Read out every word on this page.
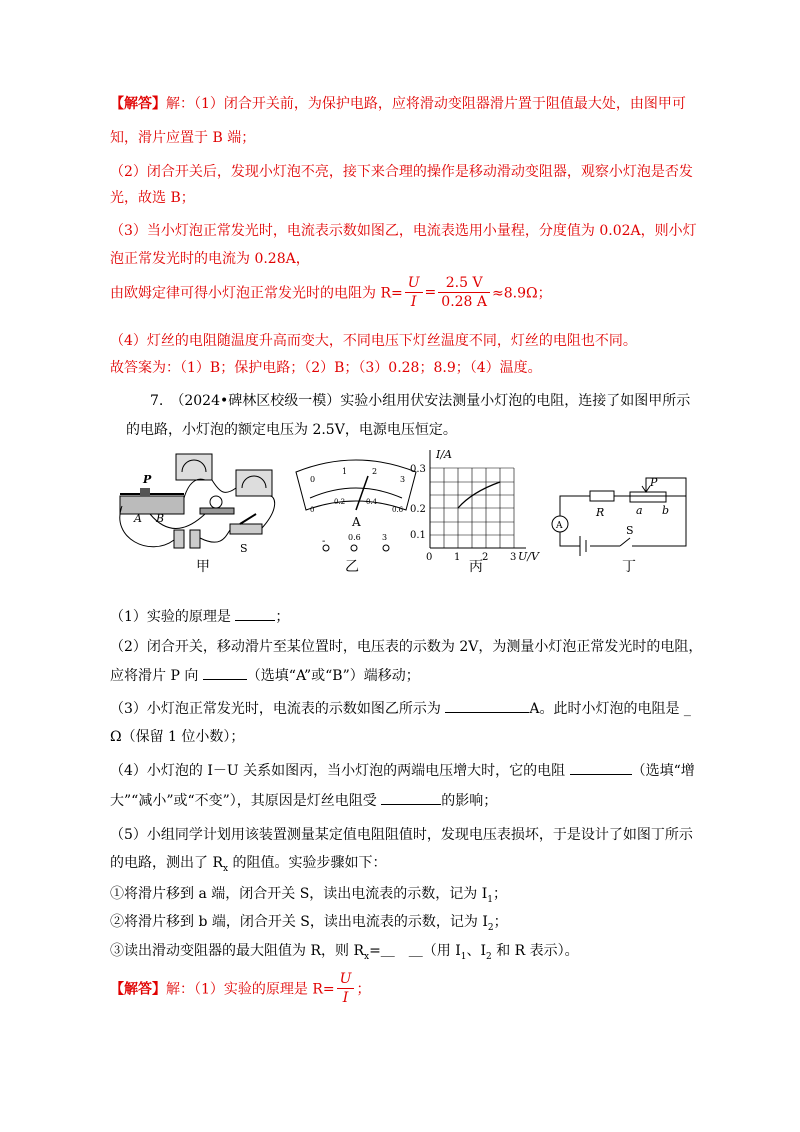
【解答】解：（1）闭合开关前，为保护电路，应将滑动变阻器滑片置于阻值最大处，由图甲可
知，滑片应置于 B 端；
（2）闭合开关后，发现小灯泡不亮，接下来合理的操作是移动滑动变阻器，观察小灯泡是否发
光，故选 B；
（3）当小灯泡正常发光时，电流表示数如图乙，电流表选用小量程，分度值为 0.02A，则小灯
泡正常发光时的电流为 0.28A，
由欧姆定律可得小灯泡正常发光时的电阻为 $R= \frac{U}{I} = \frac{2.5 V}{0.28 A} \approx 8.9\Omega$；
（4）灯丝的电阻随温度升高而变大，不同电压下灯丝温度不同，灯丝的电阻也不同。
故答案为：（1）B；保护电路；（2）B；（3）0.28；8.9；（4）温度。
7.　（2024•碑林区校级一模）实验小组用伏安法测量小灯泡的电阻，连接了如图甲所示
的电路，小灯泡的额定电压为 2.5V，电源电压恒定。
P
A B
S
0
1	2
3
0
0.2	0.4
0.6
A
-	0.6	3
I/A
0.1
0.2
0.3
0 1 2 3 U/V
A
P
R	a b
S
甲	乙	丙	丁
（1）实验的原理是	；
（2）闭合开关，移动滑片至某位置时，电压表的示数为 2V，为测量小灯泡正常发光时的电阻，
应将滑片 P 向	（选填“A”或“B”）端移动；
（3）小灯泡正常发光时，电流表的示数如图乙所示为	A。此时小灯泡的电阻是 _
Ω（保留 1 位小数）；
（4）小灯泡的 I－U 关系如图丙，当小灯泡的两端电压增大时，它的电阻	（选填“增
大”“减小”或“不变”），其原因是灯丝电阻受	的影响；
（5）小组同学计划用该装置测量某定值电阻阻值时，发现电压表损坏，于是设计了如图丁所示
的电路，测出了 $R_x$ 的阻值。实验步骤如下：
①将滑片移到 a 端，闭合开关 S，读出电流表的示数，记为 $I_1$；
②将滑片移到 b 端，闭合开关 S，读出电流表的示数，记为 $I_2$；
③读出滑动变阻器的最大阻值为 R，则 $R_x=\_$　＿（用 $I_1$、$I_2$ 和 R 表示）。
【解答】解：（1）实验的原理是 $R= \frac{U}{I}$ ；
